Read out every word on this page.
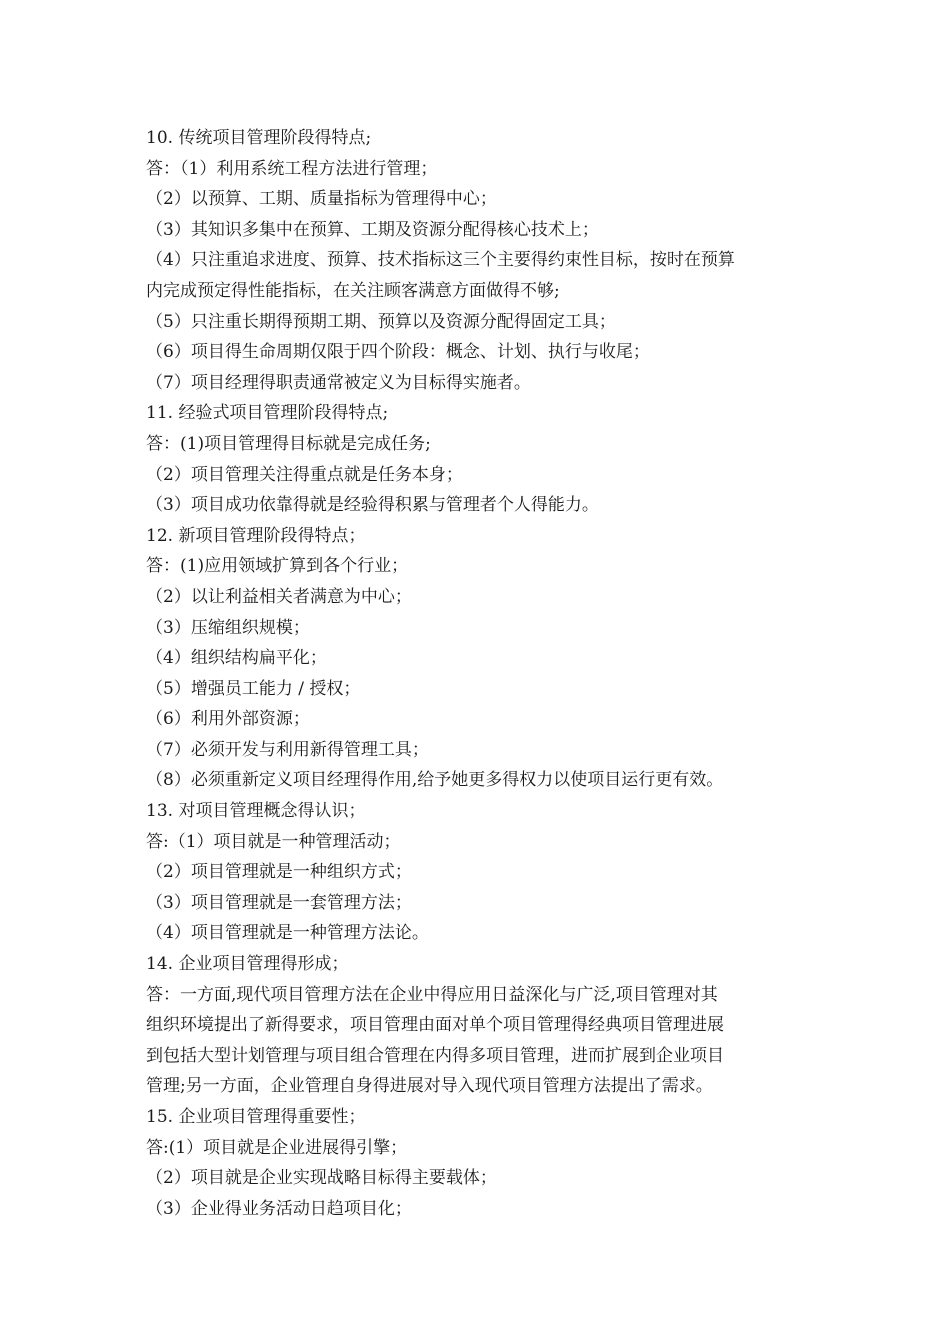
10. 传统项目管理阶段得特点;
答：（1）利用系统工程方法进行管理；
（2）以预算、工期、质量指标为管理得中心；
（3）其知识多集中在预算、工期及资源分配得核心技术上；
（4）只注重追求进度、预算、技术指标这三个主要得约束性目标，按时在预算
内完成预定得性能指标，在关注顾客满意方面做得不够;
（5）只注重长期得预期工期、预算以及资源分配得固定工具；
（6）项目得生命周期仅限于四个阶段：概念、计划、执行与收尾；
（7）项目经理得职责通常被定义为目标得实施者。
11. 经验式项目管理阶段得特点;
答：(1)项目管理得目标就是完成任务;
（2）项目管理关注得重点就是任务本身；
（3）项目成功依靠得就是经验得积累与管理者个人得能力。
12. 新项目管理阶段得特点；
答：(1)应用领域扩算到各个行业；
（2）以让利益相关者满意为中心；
（3）压缩组织规模；
（4）组织结构扁平化；
（5）增强员工能力 / 授权；
（6）利用外部资源；
（7）必须开发与利用新得管理工具；
（8）必须重新定义项目经理得作用,给予她更多得权力以使项目运行更有效。
13. 对项目管理概念得认识；
答:（1）项目就是一种管理活动；
（2）项目管理就是一种组织方式；
（3）项目管理就是一套管理方法；
（4）项目管理就是一种管理方法论。
14. 企业项目管理得形成；
答：一方面,现代项目管理方法在企业中得应用日益深化与广泛,项目管理对其
组织环境提出了新得要求，项目管理由面对单个项目管理得经典项目管理进展
到包括大型计划管理与项目组合管理在内得多项目管理，进而扩展到企业项目
管理;另一方面，企业管理自身得进展对导入现代项目管理方法提出了需求。
15. 企业项目管理得重要性；
答:(1）项目就是企业进展得引擎；
（2）项目就是企业实现战略目标得主要载体；
（3）企业得业务活动日趋项目化；
